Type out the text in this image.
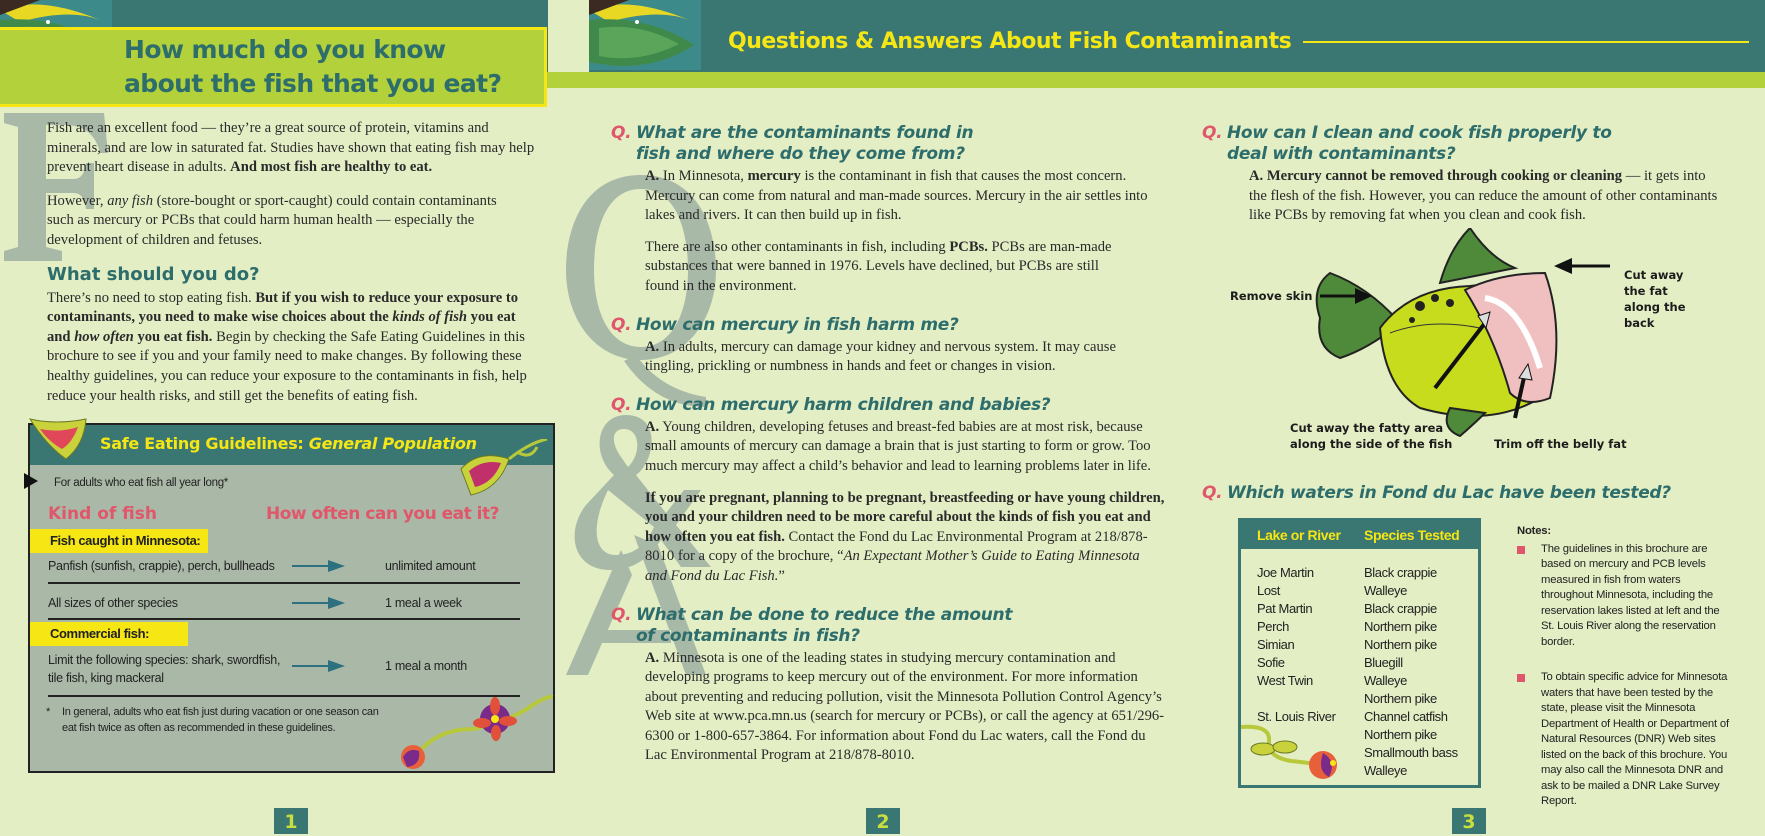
How much do you know
about the fish that you eat?
Fish are an excellent food — they’re a great source of protein, vitamins and minerals, and are low in saturated fat. Studies have shown that eating fish may help prevent heart disease in adults. And most fish are healthy to eat.
However, any fish (store-bought or sport-caught) could contain contaminants such as mercury or PCBs that could harm human health — especially the development of children and fetuses.
What should you do?
There’s no need to stop eating fish. But if you wish to reduce your exposure to contaminants, you need to make wise choices about the kinds of fish you eat and how often you eat fish. Begin by checking the Safe Eating Guidelines in this brochure to see if you and your family need to make changes. By following these healthy guidelines, you can reduce your exposure to the contaminants in fish, help reduce your health risks, and still get the benefits of eating fish.
Safe Eating Guidelines: General Population
For adults who eat fish all year long*
Kind of fish	How often can you eat it?
Fish caught in Minnesota:
Panfish (sunfish, crappie), perch, bullheads	unlimited amount
All sizes of other species	1 meal a week
Commercial fish:
Limit the following species: shark, swordfish, tile fish, king mackeral
1 meal a month
* In general, adults who eat fish just during vacation or one season can eat fish twice as often as recommended in these guidelines.
1
Questions & Answers About Fish Contaminants
Q. What are the contaminants found in fish and where do they come from?
A. In Minnesota, mercury is the contaminant in fish that causes the most concern. Mercury can come from natural and man-made sources. Mercury in the air settles into lakes and rivers. It can then build up in fish.
There are also other contaminants in fish, including PCBs. PCBs are man-made substances that were banned in 1976. Levels have declined, but PCBs are still found in the environment.
Q. How can mercury in fish harm me?
A. In adults, mercury can damage your kidney and nervous system. It may cause tingling, prickling or numbness in hands and feet or changes in vision.
Q. How can mercury harm children and babies?
A. Young children, developing fetuses and breast-fed babies are at most risk, because small amounts of mercury can damage a brain that is just starting to form or grow. Too much mercury may affect a child’s behavior and lead to learning problems later in life.
If you are pregnant, planning to be pregnant, breastfeeding or have young children, you and your children need to be more careful about the kinds of fish you eat and how often you eat fish. Contact the Fond du Lac Environmental Program at 218/878-8010 for a copy of the brochure, “An Expectant Mother’s Guide to Eating Minnesota and Fond du Lac Fish.”
Q. What can be done to reduce the amount of contaminants in fish?
A. Minnesota is one of the leading states in studying mercury contamination and developing programs to keep mercury out of the environment. For more information about preventing and reducing pollution, visit the Minnesota Pollution Control Agency’s Web site at www.pca.mn.us (search for mercury or PCBs), or call the agency at 651/296-6300 or 1-800-657-3864. For information about Fond du Lac waters, call the Fond du Lac Environmental Program at 218/878-8010.
2
Q. How can I clean and cook fish properly to deal with contaminants?
A. Mercury cannot be removed through cooking or cleaning — it gets into the flesh of the fish. However, you can reduce the amount of other contaminants like PCBs by removing fat when you clean and cook fish.
Remove skin
Cut away the fat along the back
Cut away the fatty area along the side of the fish	Trim off the belly fat
Q. Which waters in Fond du Lac have been tested?
Lake or River	Species Tested
Joe Martin	Black crappie
Lost	Walleye
Pat Martin	Black crappie
Perch	Northern pike
Simian	Northern pike
Sofie	Bluegill
West Twin	Walleye
Northern pike
St. Louis River	Channel catfish
Northern pike
Smallmouth bass
Walleye
Notes:
The guidelines in this brochure are based on mercury and PCB levels measured in fish from waters throughout Minnesota, including the reservation lakes listed at left and the St. Louis River along the reservation border.
To obtain specific advice for Minnesota waters that have been tested by the state, please visit the Minnesota Department of Health or Department of Natural Resources (DNR) Web sites listed on the back of this brochure. You may also call the Minnesota DNR and ask to be mailed a DNR Lake Survey Report.
3
